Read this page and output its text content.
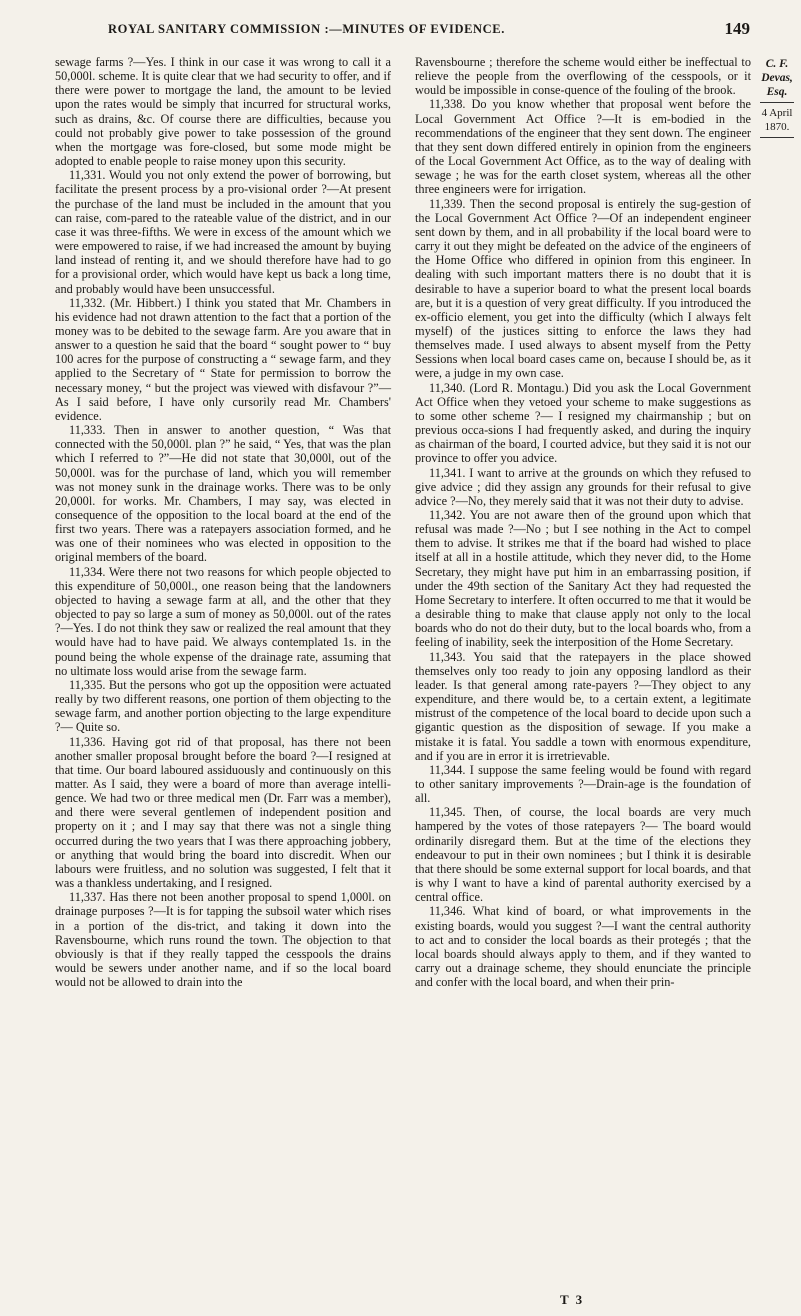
ROYAL SANITARY COMMISSION :—MINUTES OF EVIDENCE.	149

sewage farms ?—Yes. I think in our case it was wrong to call it a 50,000l. scheme. It is quite clear that we had security to offer, and if there were power to mortgage the land, the amount to be levied upon the rates would be simply that incurred for structural works, such as drains, &c. Of course there are difficulties, because you could not probably give power to take possession of the ground when the mortgage was fore-closed, but some mode might be adopted to enable people to raise money upon this security.

11,331. Would you not only extend the power of borrowing, but facilitate the present process by a pro-visional order ?—At present the purchase of the land must be included in the amount that you can raise, com-pared to the rateable value of the district, and in our case it was three-fifths. We were in excess of the amount which we were empowered to raise, if we had increased the amount by buying land instead of renting it, and we should therefore have had to go for a provisional order, which would have kept us back a long time, and probably would have been unsuccessful.

11,332. (Mr. Hibbert.) I think you stated that Mr. Chambers in his evidence had not drawn attention to the fact that a portion of the money was to be debited to the sewage farm. Are you aware that in answer to a question he said that the board “ sought power to “ buy 100 acres for the purpose of constructing a “ sewage farm, and they applied to the Secretary of “ State for permission to borrow the necessary money, “ but the project was viewed with disfavour ?”—As I said before, I have only cursorily read Mr. Chambers' evidence.

11,333. Then in answer to another question, “ Was that connected with the 50,000l. plan ?” he said, “ Yes, that was the plan which I referred to ?”—He did not state that 30,000l, out of the 50,000l. was for the purchase of land, which you will remember was not money sunk in the drainage works. There was to be only 20,000l. for works. Mr. Chambers, I may say, was elected in consequence of the opposition to the local board at the end of the first two years. There was a ratepayers association formed, and he was one of their nominees who was elected in opposition to the original members of the board.

11,334. Were there not two reasons for which people objected to this expenditure of 50,000l., one reason being that the landowners objected to having a sewage farm at all, and the other that they objected to pay so large a sum of money as 50,000l. out of the rates ?—Yes. I do not think they saw or realized the real amount that they would have had to have paid. We always contemplated 1s. in the pound being the whole expense of the drainage rate, assuming that no ultimate loss would arise from the sewage farm.

11,335. But the persons who got up the opposition were actuated really by two different reasons, one portion of them objecting to the sewage farm, and another portion objecting to the large expenditure ?— Quite so.

11,336. Having got rid of that proposal, has there not been another smaller proposal brought before the board ?—I resigned at that time. Our board laboured assiduously and continuously on this matter. As I said, they were a board of more than average intelli-gence. We had two or three medical men (Dr. Farr was a member), and there were several gentlemen of independent position and property on it ; and I may say that there was not a single thing occurred during the two years that I was there approaching jobbery, or anything that would bring the board into discredit. When our labours were fruitless, and no solution was suggested, I felt that it was a thankless undertaking, and I resigned.

11,337. Has there not been another proposal to spend 1,000l. on drainage purposes ?—It is for tapping the subsoil water which rises in a portion of the dis-trict, and taking it down into the Ravensbourne, which runs round the town. The objection to that obviously is that if they really tapped the cesspools the drains would be sewers under another name, and if so the local board would not be allowed to drain into the

Ravensbourne ; therefore the scheme would either be ineffectual to relieve the people from the overflowing of the cesspools, or it would be impossible in conse-quence of the fouling of the brook.

11,338. Do you know whether that proposal went before the Local Government Act Office ?—It is em-bodied in the recommendations of the engineer that they sent down. The engineer that they sent down differed entirely in opinion from the engineers of the Local Government Act Office, as to the way of dealing with sewage ; he was for the earth closet system, whereas all the other three engineers were for irrigation.

11,339. Then the second proposal is entirely the sug-gestion of the Local Government Act Office ?—Of an independent engineer sent down by them, and in all probability if the local board were to carry it out they might be defeated on the advice of the engineers of the Home Office who differed in opinion from this engineer. In dealing with such important matters there is no doubt that it is desirable to have a superior board to what the present local boards are, but it is a question of very great difficulty. If you introduced the ex-officio element, you get into the difficulty (which I always felt myself) of the justices sitting to enforce the laws they had themselves made. I used always to absent myself from the Petty Sessions when local board cases came on, because I should be, as it were, a judge in my own case.

11,340. (Lord R. Montagu.) Did you ask the Local Government Act Office when they vetoed your scheme to make suggestions as to some other scheme ?— I resigned my chairmanship ; but on previous occa-sions I had frequently asked, and during the inquiry as chairman of the board, I courted advice, but they said it is not our province to offer you advice.

11,341. I want to arrive at the grounds on which they refused to give advice ; did they assign any grounds for their refusal to give advice ?—No, they merely said that it was not their duty to advise.

11,342. You are not aware then of the ground upon which that refusal was made ?—No ; but I see nothing in the Act to compel them to advise. It strikes me that if the board had wished to place itself at all in a hostile attitude, which they never did, to the Home Secretary, they might have put him in an embarrassing position, if under the 49th section of the Sanitary Act they had requested the Home Secretary to interfere. It often occurred to me that it would be a desirable thing to make that clause apply not only to the local boards who do not do their duty, but to the local boards who, from a feeling of inability, seek the interposition of the Home Secretary.

11,343. You said that the ratepayers in the place showed themselves only too ready to join any opposing landlord as their leader. Is that general among rate-payers ?—They object to any expenditure, and there would be, to a certain extent, a legitimate mistrust of the competence of the local board to decide upon such a gigantic question as the disposition of sewage. If you make a mistake it is fatal. You saddle a town with enormous expenditure, and if you are in error it is irretrievable.

11,344. I suppose the same feeling would be found with regard to other sanitary improvements ?—Drain-age is the foundation of all.

11,345. Then, of course, the local boards are very much hampered by the votes of those ratepayers ?— The board would ordinarily disregard them. But at the time of the elections they endeavour to put in their own nominees ; but I think it is desirable that there should be some external support for local boards, and that is why I want to have a kind of parental authority exercised by a central office.

11,346. What kind of board, or what improvements in the existing boards, would you suggest ?—I want the central authority to act and to consider the local boards as their protegés ; that the local boards should always apply to them, and if they wanted to carry out a drainage scheme, they should enunciate the principle and confer with the local board, and when their prin-

C. F. Devas,
Esq.
4 April 1870.
T 3
